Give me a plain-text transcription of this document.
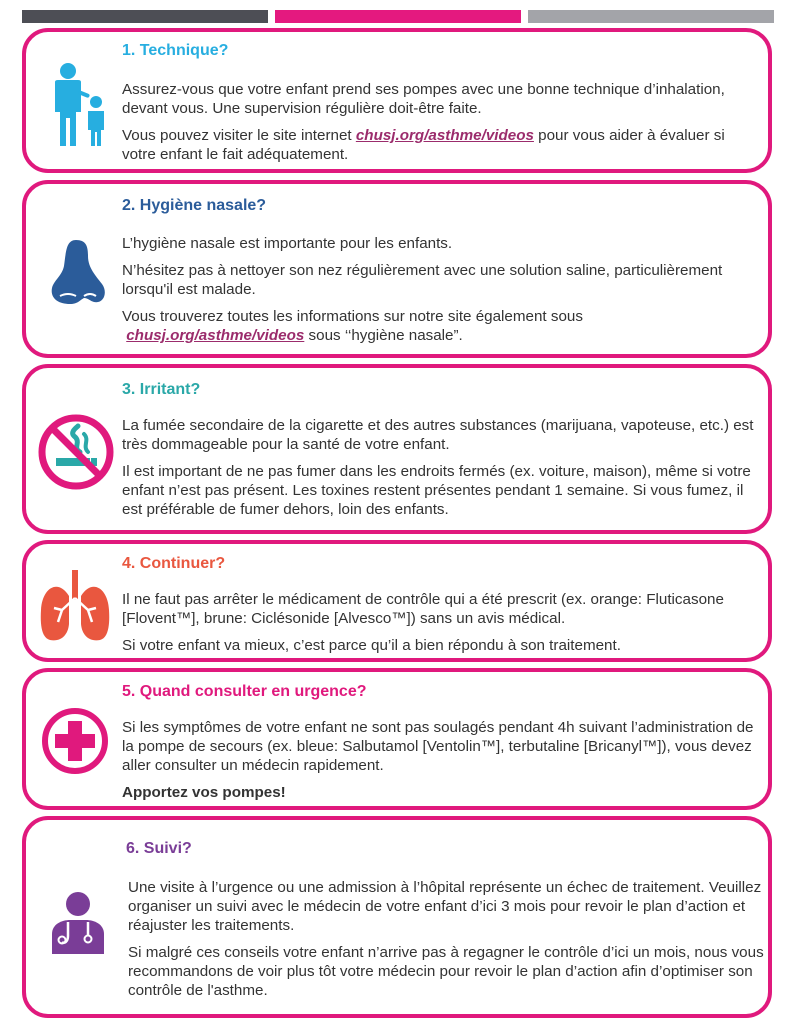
1. Technique?

Assurez-vous que votre enfant prend ses pompes avec une bonne technique d’inhalation, devant vous. Une supervision régulière doit-être faite.

Vous pouvez visiter le site internet chusj.org/asthme/videos pour vous aider à évaluer si votre enfant le fait adéquatement.

2. Hygiène nasale?

L’hygiène nasale est importante pour les enfants.

N’hésitez pas à nettoyer son nez régulièrement avec une solution saline, particulièrement lorsqu'il est malade.

Vous trouverez toutes les informations sur notre site également sous
chusj.org/asthme/videos sous ‘‘hygiène nasale”.

3. Irritant?

La fumée secondaire de la cigarette et des autres substances (marijuana, vapoteuse, etc.) est très dommageable pour la santé de votre enfant.

Il est important de ne pas fumer dans les endroits fermés (ex. voiture, maison), même si votre enfant n’est pas présent. Les toxines restent présentes pendant 1 semaine. Si vous fumez, il est préférable de fumer dehors, loin des enfants.

4. Continuer?

Il ne faut pas arrêter le médicament de contrôle qui a été prescrit (ex. orange: Fluticasone [Flovent™], brune: Ciclésonide [Alvesco™]) sans un avis médical.

Si votre enfant va mieux, c’est parce qu’il a bien répondu à son traitement.

5. Quand consulter en urgence?

Si les symptômes de votre enfant ne sont pas soulagés pendant 4h suivant l’administration de la pompe de secours (ex. bleue: Salbutamol [Ventolin™], terbutaline [Bricanyl™]), vous devez aller consulter un médecin rapidement.

Apportez vos pompes!

6. Suivi?

Une visite à l’urgence ou une admission à l’hôpital représente un échec de traitement. Veuillez organiser un suivi avec le médecin de votre enfant d’ici 3 mois pour revoir le plan d’action et réajuster les traitements.

Si malgré ces conseils votre enfant n’arrive pas à regagner le contrôle d’ici un mois, nous vous recommandons de voir plus tôt votre médecin pour revoir le plan d’action afin d’optimiser son contrôle de l'asthme.
